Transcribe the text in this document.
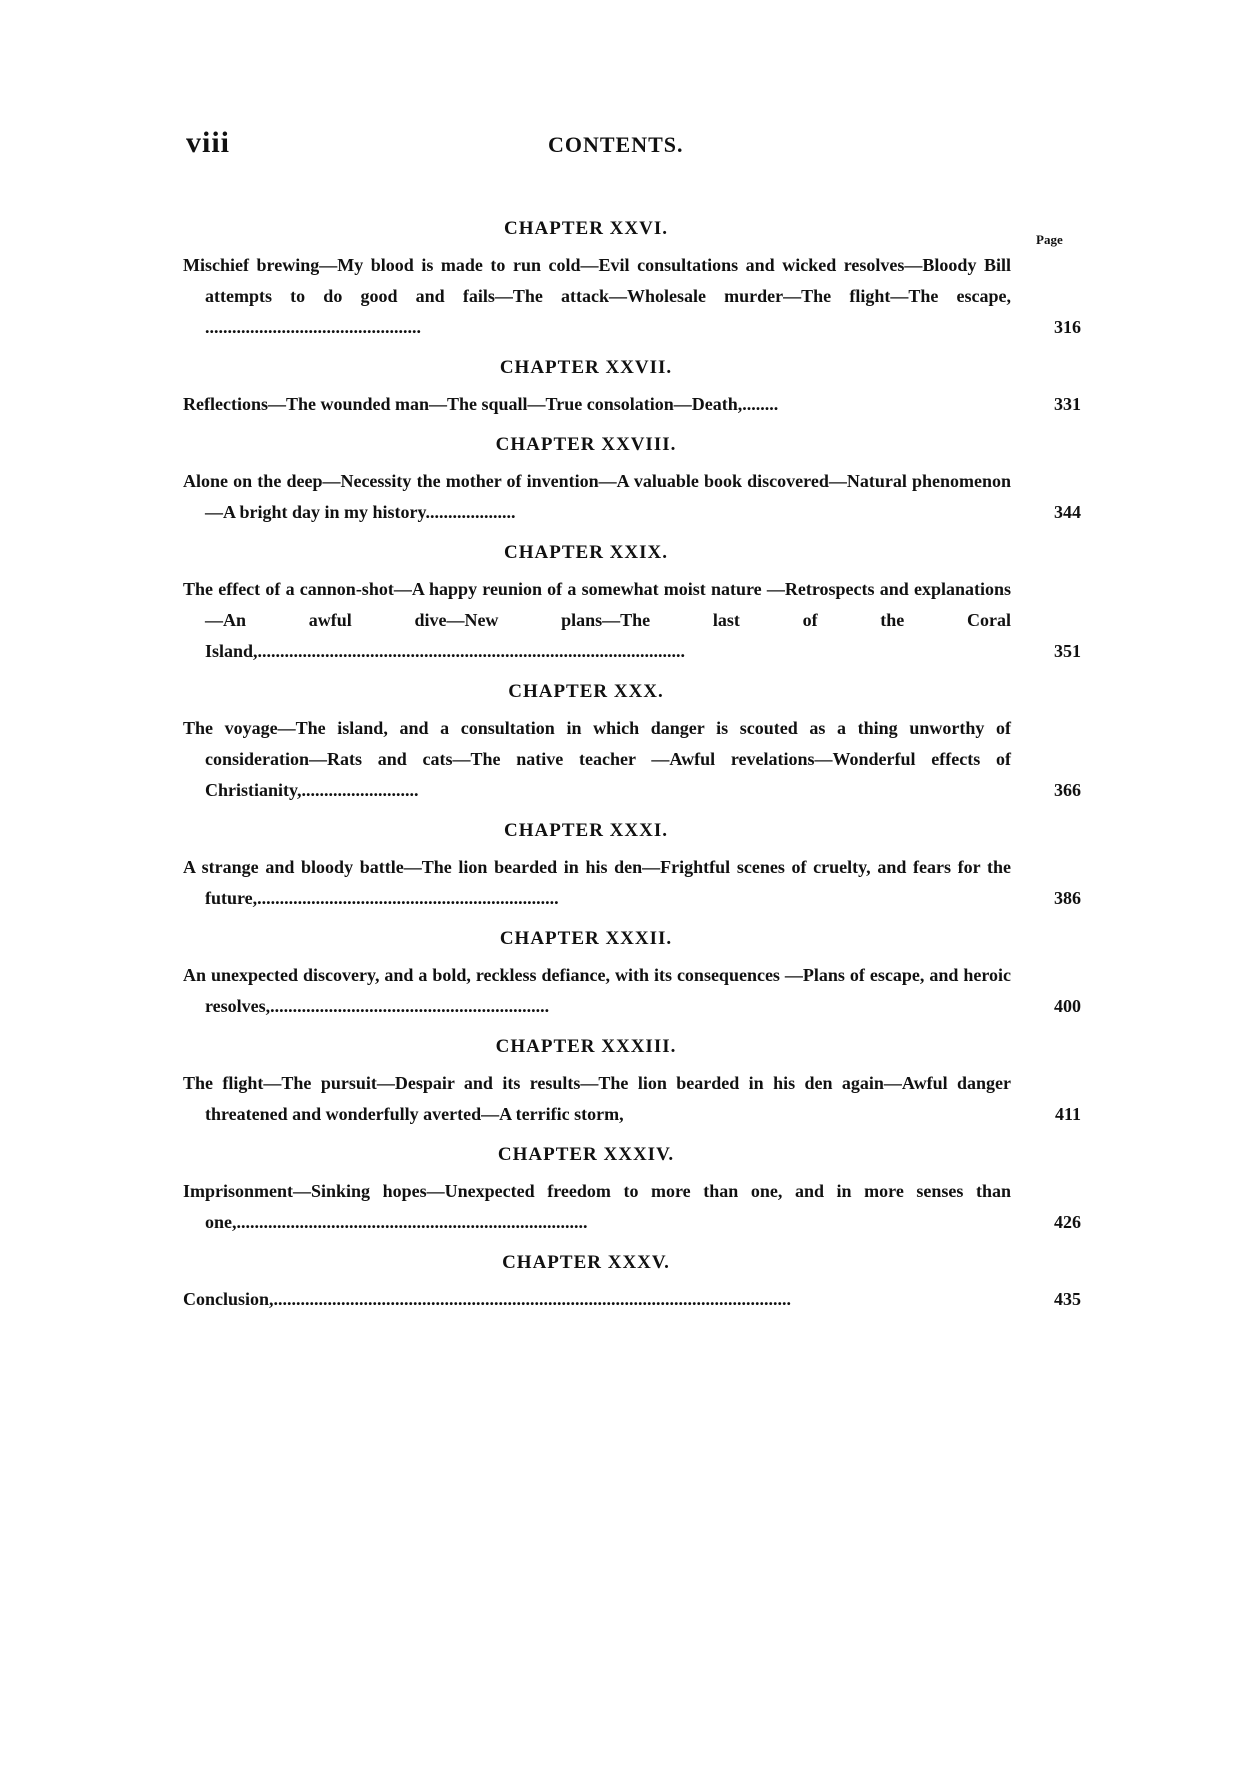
viii	CONTENTS.
Page
CHAPTER XXVI.
Mischief brewing—My blood is made to run cold—Evil consultations and wicked resolves—Bloody Bill attempts to do good and fails—The attack—Wholesale murder—The flight—The escape, ................................................	316
CHAPTER XXVII.
Reflections—The wounded man—The squall—True consolation—Death,........	331
CHAPTER XXVIII.
Alone on the deep—Necessity the mother of invention—A valuable book discovered—Natural phenomenon—A bright day in my history....................	344
CHAPTER XXIX.
The effect of a cannon-shot—A happy reunion of a somewhat moist nature —Retrospects and explanations—An awful dive—New plans—The last of the Coral Island,...............................................................................................	351
CHAPTER XXX.
The voyage—The island, and a consultation in which danger is scouted as a thing unworthy of consideration—Rats and cats—The native teacher —Awful revelations—Wonderful effects of Christianity,..........................	366
CHAPTER XXXI.
A strange and bloody battle—The lion bearded in his den—Frightful scenes of cruelty, and fears for the future,...................................................................	386
CHAPTER XXXII.
An unexpected discovery, and a bold, reckless defiance, with its consequences —Plans of escape, and heroic resolves,..............................................................	400
CHAPTER XXXIII.
The flight—The pursuit—Despair and its results—The lion bearded in his den again—Awful danger threatened and wonderfully averted—A terrific storm,	411
CHAPTER XXXIV.
Imprisonment—Sinking hopes—Unexpected freedom to more than one, and in more senses than one,..............................................................................	426
CHAPTER XXXV.
Conclusion,...................................................................................................................	435
